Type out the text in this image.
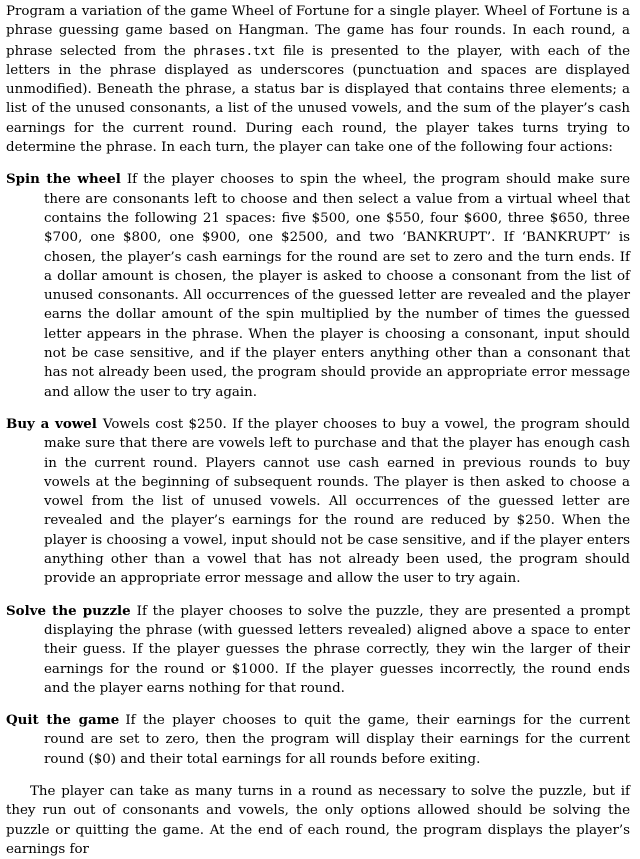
Program a variation of the game Wheel of Fortune for a single player. Wheel of Fortune is a phrase guessing game based on Hangman. The game has four rounds. In each round, a phrase selected from the phrases.txt file is presented to the player, with each of the letters in the phrase displayed as underscores (punctuation and spaces are displayed unmodified). Beneath the phrase, a status bar is displayed that contains three elements; a list of the unused consonants, a list of the unused vowels, and the sum of the player’s cash earnings for the current round. During each round, the player takes turns trying to determine the phrase. In each turn, the player can take one of the following four actions:

Spin the wheel If the player chooses to spin the wheel, the program should make sure there are consonants left to choose and then select a value from a virtual wheel that contains the following 21 spaces: five $500, one $550, four $600, three $650, three $700, one $800, one $900, one $2500, and two ‘BANKRUPT’. If ‘BANKRUPT’ is chosen, the player’s cash earnings for the round are set to zero and the turn ends. If a dollar amount is chosen, the player is asked to choose a consonant from the list of unused consonants. All occurrences of the guessed letter are revealed and the player earns the dollar amount of the spin multiplied by the number of times the guessed letter appears in the phrase. When the player is choosing a consonant, input should not be case sensitive, and if the player enters anything other than a consonant that has not already been used, the program should provide an appropriate error message and allow the user to try again.

Buy a vowel Vowels cost $250. If the player chooses to buy a vowel, the program should make sure that there are vowels left to purchase and that the player has enough cash in the current round. Players cannot use cash earned in previous rounds to buy vowels at the beginning of subsequent rounds. The player is then asked to choose a vowel from the list of unused vowels. All occurrences of the guessed letter are revealed and the player’s earnings for the round are reduced by $250. When the player is choosing a vowel, input should not be case sensitive, and if the player enters anything other than a vowel that has not already been used, the program should provide an appropriate error message and allow the user to try again.

Solve the puzzle If the player chooses to solve the puzzle, they are presented a prompt displaying the phrase (with guessed letters revealed) aligned above a space to enter their guess. If the player guesses the phrase correctly, they win the larger of their earnings for the round or $1000. If the player guesses incorrectly, the round ends and the player earns nothing for that round.

Quit the game If the player chooses to quit the game, their earnings for the current round are set to zero, then the program will display their earnings for the current round ($0) and their total earnings for all rounds before exiting.

The player can take as many turns in a round as necessary to solve the puzzle, but if they run out of consonants and vowels, the only options allowed should be solving the puzzle or quitting the game. At the end of each round, the program displays the player’s earnings for
